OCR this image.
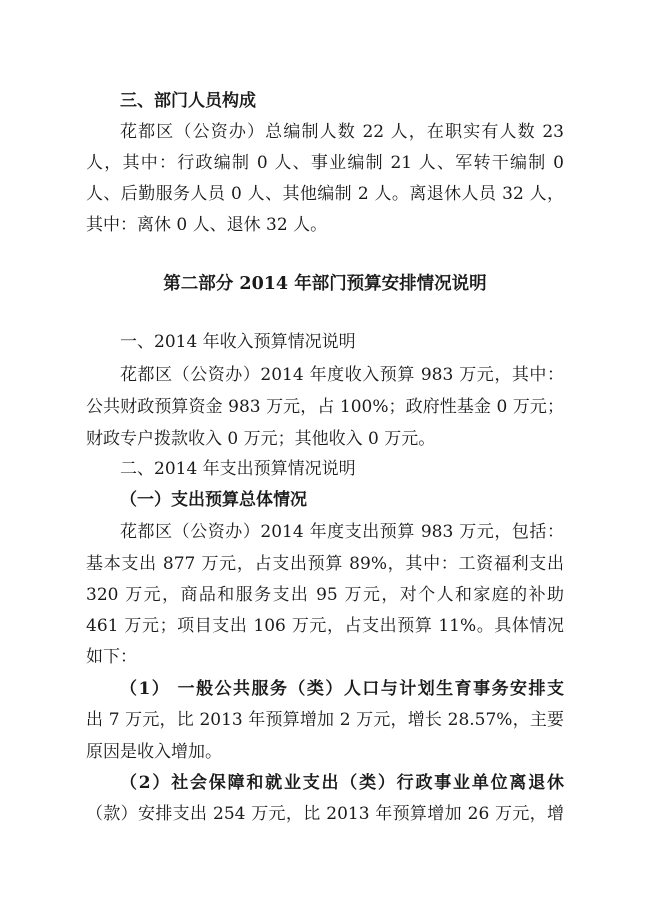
三、部门人员构成
花都区（公资办）总编制人数 22 人，在职实有人数 23
人，其中：行政编制 0 人、事业编制 21 人、军转干编制 0
人、后勤服务人员 0 人、其他编制 2 人。离退休人员 32 人，
其中：离休 0 人、退休 32 人。
第二部分 2014 年部门预算安排情况说明
一、2014 年收入预算情况说明
花都区（公资办）2014 年度收入预算 983 万元，其中：
公共财政预算资金 983 万元，占 100%；政府性基金 0 万元；
财政专户拨款收入 0 万元；其他收入 0 万元。
二、2014 年支出预算情况说明
（一）支出预算总体情况
花都区（公资办）2014 年度支出预算 983 万元，包括：
基本支出 877 万元，占支出预算 89%，其中：工资福利支出
320 万元，商品和服务支出 95 万元，对个人和家庭的补助
461 万元；项目支出 106 万元，占支出预算 11%。具体情况
如下：
（1） 一般公共服务（类）人口与计划生育事务安排支
出 7 万元，比 2013 年预算增加 2 万元，增长 28.57%，主要
原因是收入增加。
（2）社会保障和就业支出（类）行政事业单位离退休
（款）安排支出 254 万元，比 2013 年预算增加 26 万元，增
